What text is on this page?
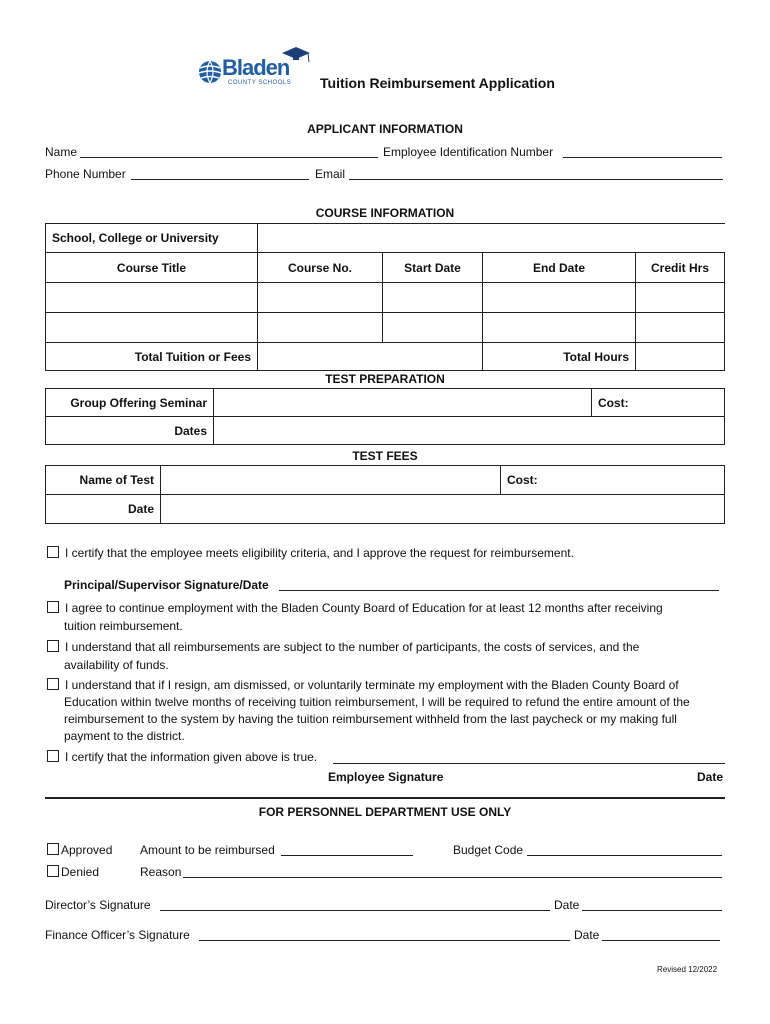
Bladen
COUNTY SCHOOLS Tuition Reimbursement Application
APPLICANT INFORMATION
Name	Employee Identification Number
Phone Number	Email
COURSE INFORMATION
School, College or University				
Course Title	Course No.	Start Date	End Date	Credit Hrs

Total Tuition or Fees			Total Hours	
TEST PREPARATION
Group Offering Seminar		Cost:
Dates		
TEST FEES
Name of Test		Cost:
Date		
I certify that the employee meets eligibility criteria, and I approve the request for reimbursement.
Principal/Supervisor Signature/Date
I agree to continue employment with the Bladen County Board of Education for at least 12 months after receiving
tuition reimbursement.
I understand that all reimbursements are subject to the number of participants, the costs of services, and the
availability of funds.
I understand that if I resign, am dismissed, or voluntarily terminate my employment with the Bladen County Board of
Education within twelve months of receiving tuition reimbursement, I will be required to refund the entire amount of the
reimbursement to the system by having the tuition reimbursement withheld from the last paycheck or my making full
payment to the district.
I certify that the information given above is true.
Employee Signature	Date
FOR PERSONNEL DEPARTMENT USE ONLY
Approved
Denied
Amount to be reimbursed	Budget Code
Reason
Director’s Signature	Date
Finance Officer’s Signature	Date
Revised 12/2022
